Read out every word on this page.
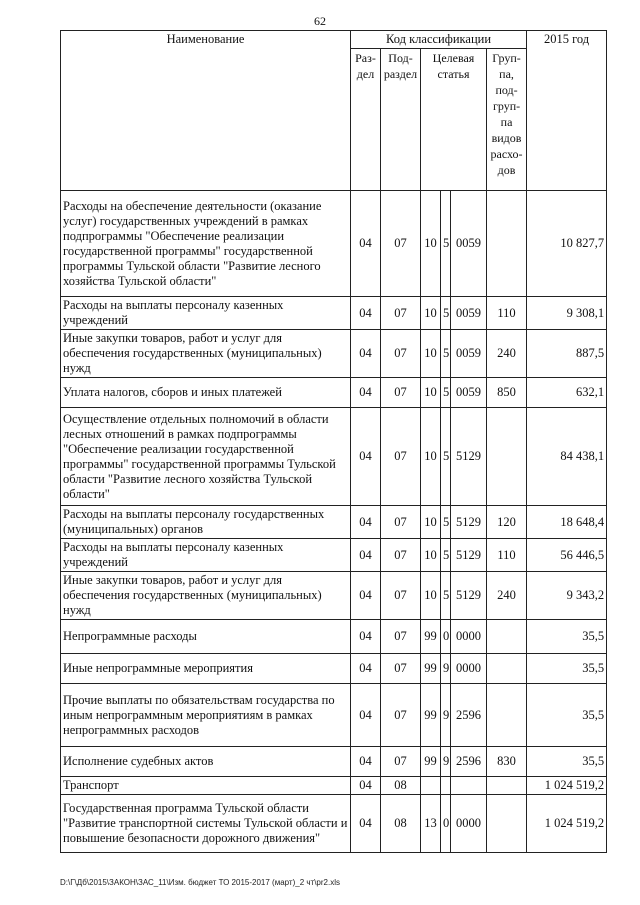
62
Наименование	Код классификации						2015 год
	Раз-дел	Под-раздел	Целевая статья			Груп-па, под-груп-па видов расхо-дов	
Расходы на обеспечение деятельности (оказание услуг) государственных учреждений в рамках подпрограммы "Обеспечение реализации государственной программы" государственной программы Тульской области "Развитие лесного хозяйства Тульской области"	04	07	10	5	0059		10 827,7
Расходы на выплаты персоналу казенных учреждений	04	07	10	5	0059	110	9 308,1
Иные закупки товаров, работ и услуг для обеспечения государственных (муниципальных) нужд	04	07	10	5	0059	240	887,5
Уплата налогов, сборов и иных платежей	04	07	10	5	0059	850	632,1
Осуществление отдельных полномочий в области лесных отношений в рамках подпрограммы "Обеспечение реализации государственной программы" государственной программы Тульской области "Развитие лесного хозяйства Тульской области"	04	07	10	5	5129		84 438,1
Расходы на выплаты персоналу государственных (муниципальных) органов	04	07	10	5	5129	120	18 648,4
Расходы на выплаты персоналу казенных учреждений	04	07	10	5	5129	110	56 446,5
Иные закупки товаров, работ и услуг для обеспечения государственных (муниципальных) нужд	04	07	10	5	5129	240	9 343,2
Непрограммные расходы	04	07	99	0	0000		35,5
Иные непрограммные мероприятия	04	07	99	9	0000		35,5
Прочие выплаты по обязательствам государства по иным непрограммным мероприятиям в рамках непрограммных расходов	04	07	99	9	2596		35,5
Исполнение судебных актов	04	07	99	9	2596	830	35,5
Транспорт	04	08					1 024 519,2
Государственная программа Тульской области "Развитие транспортной системы Тульской области и повышение безопасности дорожного движения"	04	08	13	0	0000		1 024 519,2
D:\Г\Дб\2015\ЗАКОН\ЗАС_11\Изм. бюджет ТО 2015-2017 (март)_2 чт\pr2.xls
